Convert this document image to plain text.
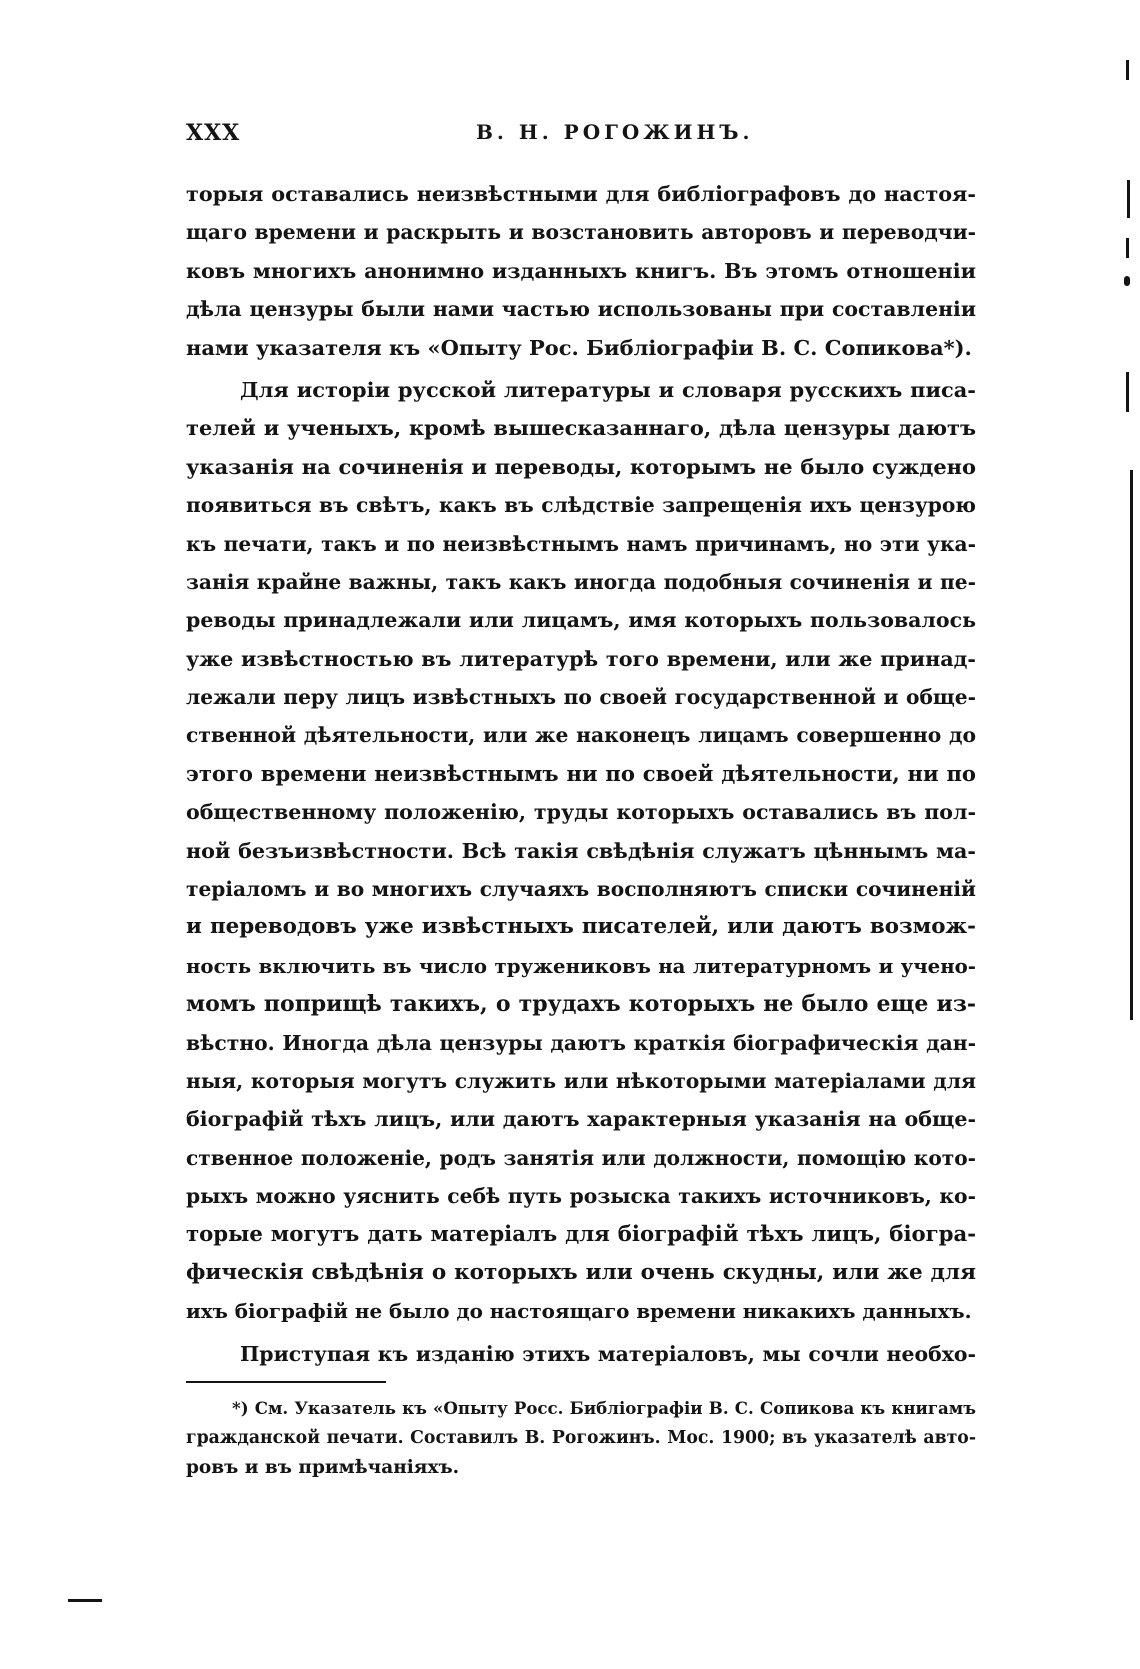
XXX	В. Н. РОГОЖИНЪ.
торыя оставались неизвѣстными для библіографовъ до настоя-
щаго времени и раскрыть и возстановить авторовъ и переводчи-
ковъ многихъ анонимно изданныхъ книгъ. Въ этомъ отношеніи
дѣла цензуры были нами частью использованы при составленіи
нами указателя къ «Опыту Рос. Библіографіи В. С. Сопикова*).
Для исторіи русской литературы и словаря русскихъ писа-
телей и ученыхъ, кромѣ вышесказаннаго, дѣла цензуры даютъ
указанія на сочиненія и переводы, которымъ не было суждено
появиться въ свѣтъ, какъ въ слѣдствіе запрещенія ихъ цензурою
къ печати, такъ и по неизвѣстнымъ намъ причинамъ, но эти ука-
занія крайне важны, такъ какъ иногда подобныя сочиненія и пе-
реводы принадлежали или лицамъ, имя которыхъ пользовалось
уже извѣстностью въ литературѣ того времени, или же принад-
лежали перу лицъ извѣстныхъ по своей государственной и обще-
ственной дѣятельности, или же наконецъ лицамъ совершенно до
этого времени неизвѣстнымъ ни по своей дѣятельности, ни по
общественному положенію, труды которыхъ оставались въ пол-
ной безъизвѣстности. Всѣ такія свѣдѣнія служатъ цѣннымъ ма-
теріаломъ и во многихъ случаяхъ восполняютъ списки сочиненій
и переводовъ уже извѣстныхъ писателей, или даютъ возмож-
ность включить въ число тружениковъ на литературномъ и учено-
момъ поприщѣ такихъ, о трудахъ которыхъ не было еще из-
вѣстно. Иногда дѣла цензуры даютъ краткія біографическія дан-
ныя, которыя могутъ служить или нѣкоторыми матеріалами для
біографій тѣхъ лицъ, или даютъ характерныя указанія на обще-
ственное положеніе, родъ занятія или должности, помощію кото-
рыхъ можно уяснить себѣ путь розыска такихъ источниковъ, ко-
торые могутъ дать матеріалъ для біографій тѣхъ лицъ, біогра-
фическія свѣдѣнія о которыхъ или очень скудны, или же для
ихъ біографій не было до настоящаго времени никакихъ данныхъ.
Приступая къ изданію этихъ матеріаловъ, мы сочли необхо-
*) См. Указатель къ «Опыту Росс. Библіографіи В. С. Сопикова къ книгамъ
гражданской печати. Составилъ В. Рогожинъ. Мос. 1900; въ указателѣ авто-
ровъ и въ примѣчаніяхъ.
